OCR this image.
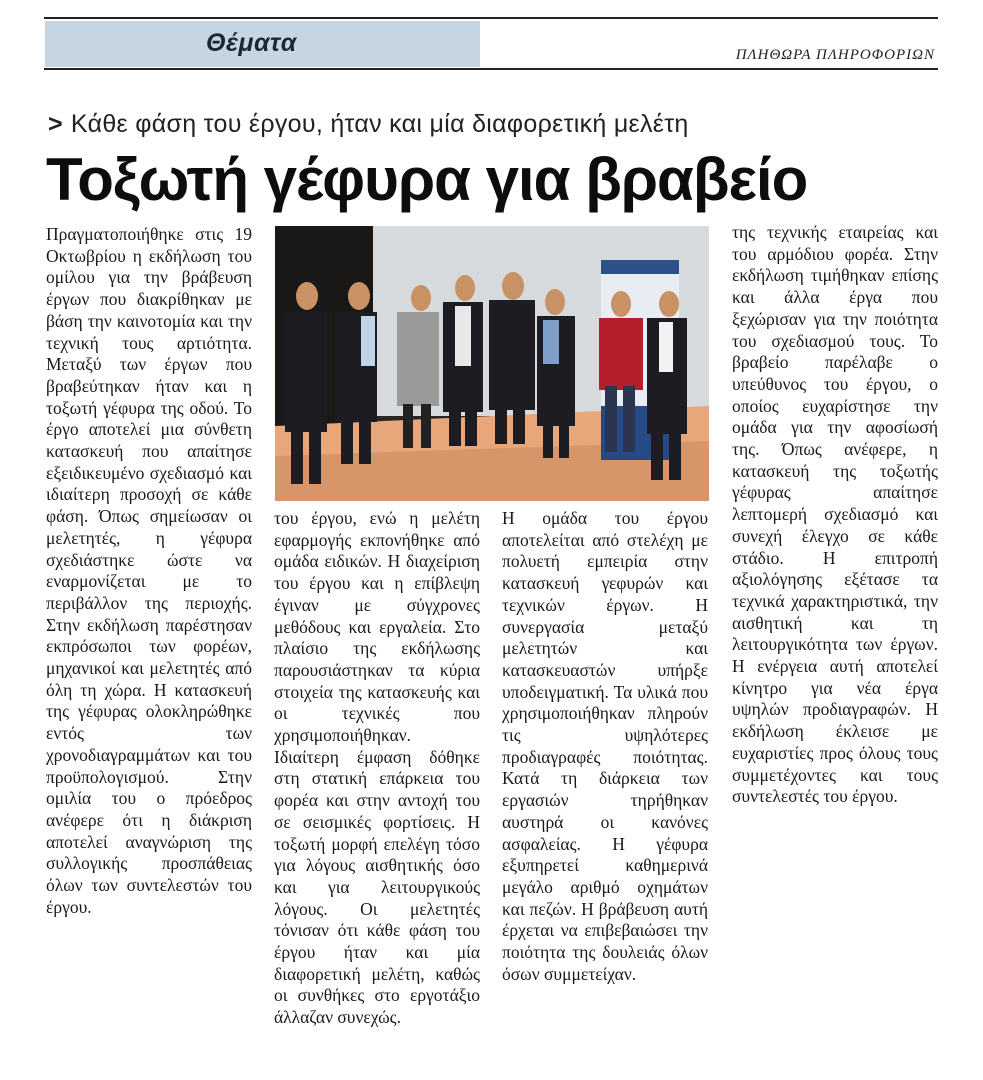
Θέματα	ΠΛΗΘΩΡΑ ΠΛΗΡΟΦΟΡΙΩΝ
> Κάθε φάση του έργου, ήταν και μία διαφορετική μελέτη
Τοξωτή γέφυρα για βραβείο

Πραγματοποιήθηκε στις 19 Οκτωβρίου η εκδήλωση του ομίλου για την βράβευση έργων που διακρίθηκαν με βάση την καινοτομία και την τεχνική τους αρτιότητα. Μεταξύ των έργων που βραβεύτηκαν ήταν και η τοξωτή γέφυρα της οδού. Το έργο αποτελεί μια σύνθετη κατασκευή που απαίτησε εξειδικευμένο σχεδιασμό και ιδιαίτερη προσοχή σε κάθε φάση. Όπως σημείωσαν οι μελετητές, η γέφυρα σχεδιάστηκε ώστε να εναρμονίζεται με το περιβάλλον της περιοχής. Στην εκδήλωση παρέστησαν εκπρόσωποι των φορέων, μηχανικοί και μελετητές από όλη τη χώρα. Η κατασκευή της γέφυρας ολοκληρώθηκε εντός των χρονοδιαγραμμάτων και του προϋπολογισμού. Στην ομιλία του ο πρόεδρος ανέφερε ότι η διάκριση αποτελεί αναγνώριση της συλλογικής προσπάθειας όλων των συντελεστών του έργου.

του έργου, ενώ η μελέτη εφαρμογής εκπονήθηκε από ομάδα ειδικών. Η διαχείριση του έργου και η επίβλεψη έγιναν με σύγχρονες μεθόδους και εργαλεία. Στο πλαίσιο της εκδήλωσης παρουσιάστηκαν τα κύρια στοιχεία της κατασκευής και οι τεχνικές που χρησιμοποιήθηκαν. Ιδιαίτερη έμφαση δόθηκε στη στατική επάρκεια του φορέα και στην αντοχή του σε σεισμικές φορτίσεις. Η τοξωτή μορφή επελέγη τόσο για λόγους αισθητικής όσο και για λειτουργικούς λόγους. Οι μελετητές τόνισαν ότι κάθε φάση του έργου ήταν και μία διαφορετική μελέτη, καθώς οι συνθήκες στο εργοτάξιο άλλαζαν συνεχώς.

Η ομάδα του έργου αποτελείται από στελέχη με πολυετή εμπειρία στην κατασκευή γεφυρών και τεχνικών έργων. Η συνεργασία μεταξύ μελετητών και κατασκευαστών υπήρξε υποδειγματική. Τα υλικά που χρησιμοποιήθηκαν πληρούν τις υψηλότερες προδιαγραφές ποιότητας. Κατά τη διάρκεια των εργασιών τηρήθηκαν αυστηρά οι κανόνες ασφαλείας. Η γέφυρα εξυπηρετεί καθημερινά μεγάλο αριθμό οχημάτων και πεζών. Η βράβευση αυτή έρχεται να επιβεβαιώσει την ποιότητα της δουλειάς όλων όσων συμμετείχαν.

της τεχνικής εταιρείας και του αρμόδιου φορέα. Στην εκδήλωση τιμήθηκαν επίσης και άλλα έργα που ξεχώρισαν για την ποιότητα του σχεδιασμού τους. Το βραβείο παρέλαβε ο υπεύθυνος του έργου, ο οποίος ευχαρίστησε την ομάδα για την αφοσίωσή της. Όπως ανέφερε, η κατασκευή της τοξωτής γέφυρας απαίτησε λεπτομερή σχεδιασμό και συνεχή έλεγχο σε κάθε στάδιο. Η επιτροπή αξιολόγησης εξέτασε τα τεχνικά χαρακτηριστικά, την αισθητική και τη λειτουργικότητα των έργων. Η ενέργεια αυτή αποτελεί κίνητρο για νέα έργα υψηλών προδιαγραφών. Η εκδήλωση έκλεισε με ευχαριστίες προς όλους τους συμμετέχοντες και τους συντελεστές του έργου.
